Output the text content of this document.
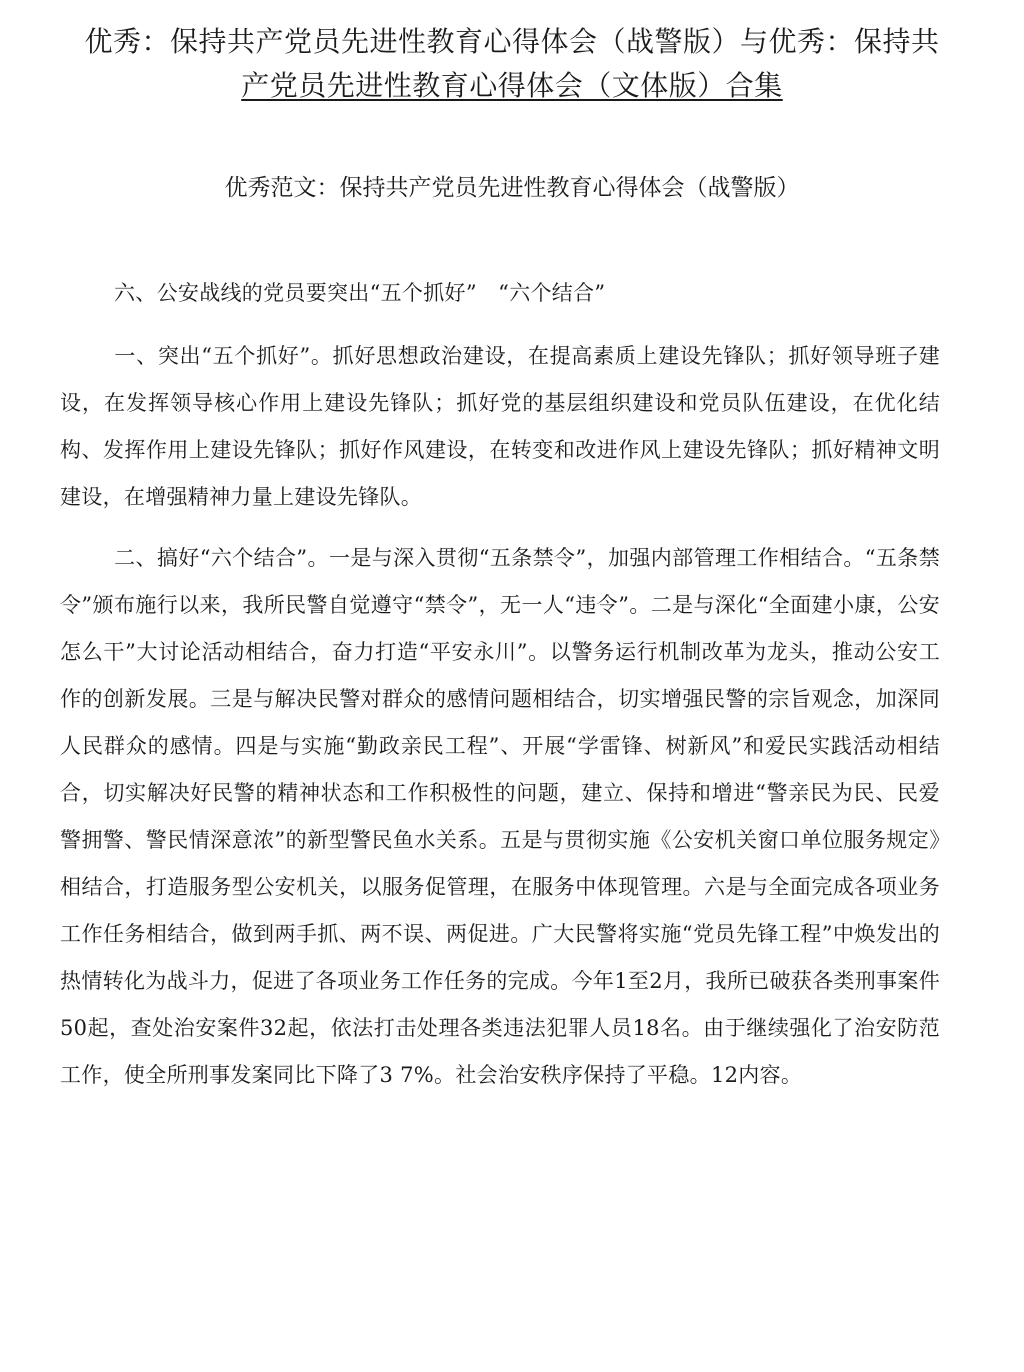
优秀：保持共产党员先进性教育心得体会（战警版）与优秀：保持共
产党员先进性教育心得体会（文体版）合集
优秀范文：保持共产党员先进性教育心得体会（战警版）

六、公安战线的党员要突出“五个抓好”　“六个结合”

一、突出“五个抓好”。抓好思想政治建设，在提高素质上建设先锋队；抓好领导班子建设，在发挥领导核心作用上建设先锋队；抓好党的基层组织建设和党员队伍建设，在优化结构、发挥作用上建设先锋队；抓好作风建设，在转变和改进作风上建设先锋队；抓好精神文明建设，在增强精神力量上建设先锋队。

二、搞好“六个结合”。一是与深入贯彻“五条禁令”，加强内部管理工作相结合。“五条禁令”颁布施行以来，我所民警自觉遵守“禁令”，无一人“违令”。二是与深化“全面建小康，公安怎么干”大讨论活动相结合，奋力打造“平安永川”。以警务运行机制改革为龙头，推动公安工作的创新发展。三是与解决民警对群众的感情问题相结合，切实增强民警的宗旨观念，加深同人民群众的感情。四是与实施“勤政亲民工程”、开展“学雷锋、树新风”和爱民实践活动相结合，切实解决好民警的精神状态和工作积极性的问题，建立、保持和增进“警亲民为民、民爱警拥警、警民情深意浓”的新型警民鱼水关系。五是与贯彻实施《公安机关窗口单位服务规定》相结合，打造服务型公安机关，以服务促管理，在服务中体现管理。六是与全面完成各项业务工作任务相结合，做到两手抓、两不误、两促进。广大民警将实施“党员先锋工程”中焕发出的热情转化为战斗力，促进了各项业务工作任务的完成。今年1至2月，我所已破获各类刑事案件50起，查处治安案件32起，依法打击处理各类违法犯罪人员18名。由于继续强化了治安防范工作，使全所刑事发案同比下降了3 7%。社会治安秩序保持了平稳。12内容。
